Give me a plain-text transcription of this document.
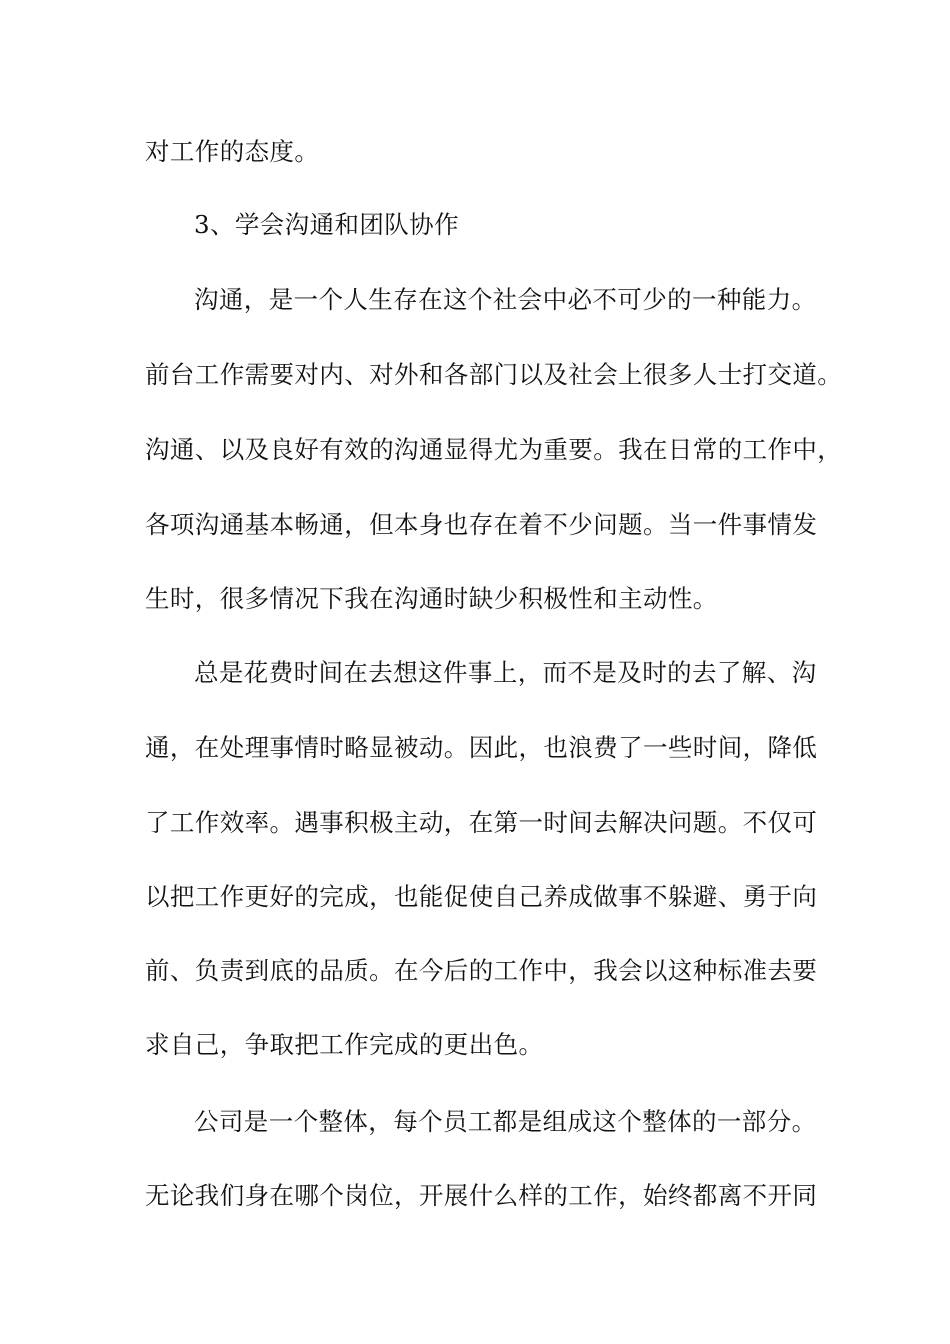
对工作的态度。
3、学会沟通和团队协作
沟通，是一个人生存在这个社会中必不可少的一种能力。
前台工作需要对内、对外和各部门以及社会上很多人士打交道。
沟通、以及良好有效的沟通显得尤为重要。我在日常的工作中，
各项沟通基本畅通，但本身也存在着不少问题。当一件事情发
生时，很多情况下我在沟通时缺少积极性和主动性。
总是花费时间在去想这件事上，而不是及时的去了解、沟
通，在处理事情时略显被动。因此，也浪费了一些时间，降低
了工作效率。遇事积极主动，在第一时间去解决问题。不仅可
以把工作更好的完成，也能促使自己养成做事不躲避、勇于向
前、负责到底的品质。在今后的工作中，我会以这种标准去要
求自己，争取把工作完成的更出色。
公司是一个整体，每个员工都是组成这个整体的一部分。
无论我们身在哪个岗位，开展什么样的工作，始终都离不开同
